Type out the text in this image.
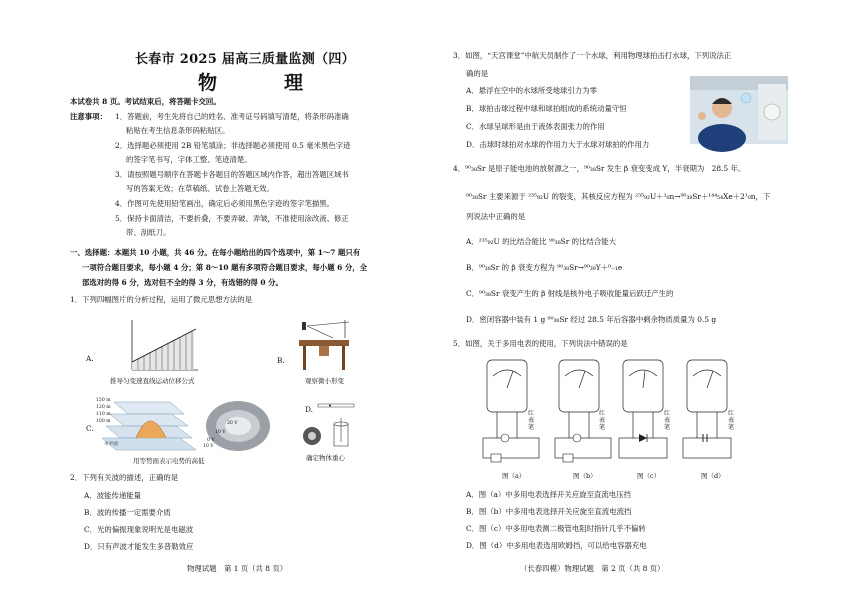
长春市 2025 届高三质量监测（四）
物　理
本试卷共 8 页。考试结束后，将答题卡交回。
注意事项： 1．答题前，考生先将自己的姓名、准考证号码填写清楚，将条形码准确
粘贴在考生信息条形码粘贴区。
2．选择题必须使用 2B 铅笔填涂；非选择题必须使用 0.5 毫米黑色字迹
的签字笔书写，字体工整、笔迹清楚。
3．请按照题号顺序在答题卡各题目的答题区域内作答，超出答题区域书
写的答案无效；在草稿纸、试卷上答题无效。
4．作图可先使用铅笔画出，确定后必须用黑色字迹的签字笔描黑。
5．保持卡面清洁，不要折叠，不要弄破、弄皱，不准使用涂改液、修正
带、刮纸刀。
一、选择题：本题共 10 小题，共 46 分。在每小题给出的四个选项中，第 1～7 题只有
一项符合题目要求，每小题 4 分；第 8～10 题有多项符合题目要求，每小题 6 分，全
部选对的得 6 分，选对但不全的得 3 分，有选错的得 0 分。
1．下列四幅图片的分析过程，运用了微元思想方法的是
A.
推导匀变速直线运动位移公式
B.
观察微小形变
C.
150 m
120 m
110 m
100 m
水平面
20 V
10 V
0 V
10 V
用等势面表示电势的高低
D.
确定物体重心
2．下列有关波的描述，正确的是
A．波能传递能量
B．波的传播一定需要介质
C．光的偏振现象说明光是电磁波
D．只有声波才能发生多普勒效应
物理试题　第 1 页（共 8 页）
3．如图，“天宫课堂”中航天员制作了一个水球，利用物理球拍击打水球，下列说法正
确的是
A．悬浮在空中的水球所受地球引力为零
B．球拍击球过程中球和球拍组成的系统动量守恒
C．水球呈球形是由于液体表面张力的作用
D．击球时球拍对水球的作用力大于水球对球拍的作用力
4．⁹⁰₃₈Sr 是原子能电池的放射源之一，⁹⁰₃₈Sr 发生 β 衰变变成 Y，半衰期为　28.5 年。
⁹⁰₃₈Sr 主要来源于 ²³⁵₉₂U 的裂变，其核反应方程为 ²³⁵₉₂U＋¹₀n→⁹⁰₃₈Sr＋¹⁴⁴₅₄Xe＋2¹₀n，下
列说法中正确的是
A．²³⁵₉₂U 的比结合能比 ⁹⁰₃₈Sr 的比结合能大
B．⁹⁰₃₈Sr 的 β 衰变方程为 ⁹⁰₃₈Sr→⁹⁰₃₉Y＋⁰₋₁e
C．⁹⁰₃₈Sr 衰变产生的 β 射线是核外电子吸收能量后跃迁产生的
D．密闭容器中装有 1 g ⁹⁰₃₈Sr 经过 28.5 年后容器中剩余物质质量为 0.5 g
5．如图，关于多用电表的使用，下列说法中错误的是
红
表
笔
红
表
笔
红
表
笔
红
表
笔
图（a）	图（b）	图（c）	图（d）
A．图（a）中多用电表选择开关应旋至直流电压挡
B．图（b）中多用电表选择开关应旋至直流电流挡
C．图（c）中多用电表测二极管电阻时指针几乎不偏转
D．图（d）中多用电表选用欧姆挡，可以给电容器充电
（长春四模）物理试题　第 2 页（共 8 页）
